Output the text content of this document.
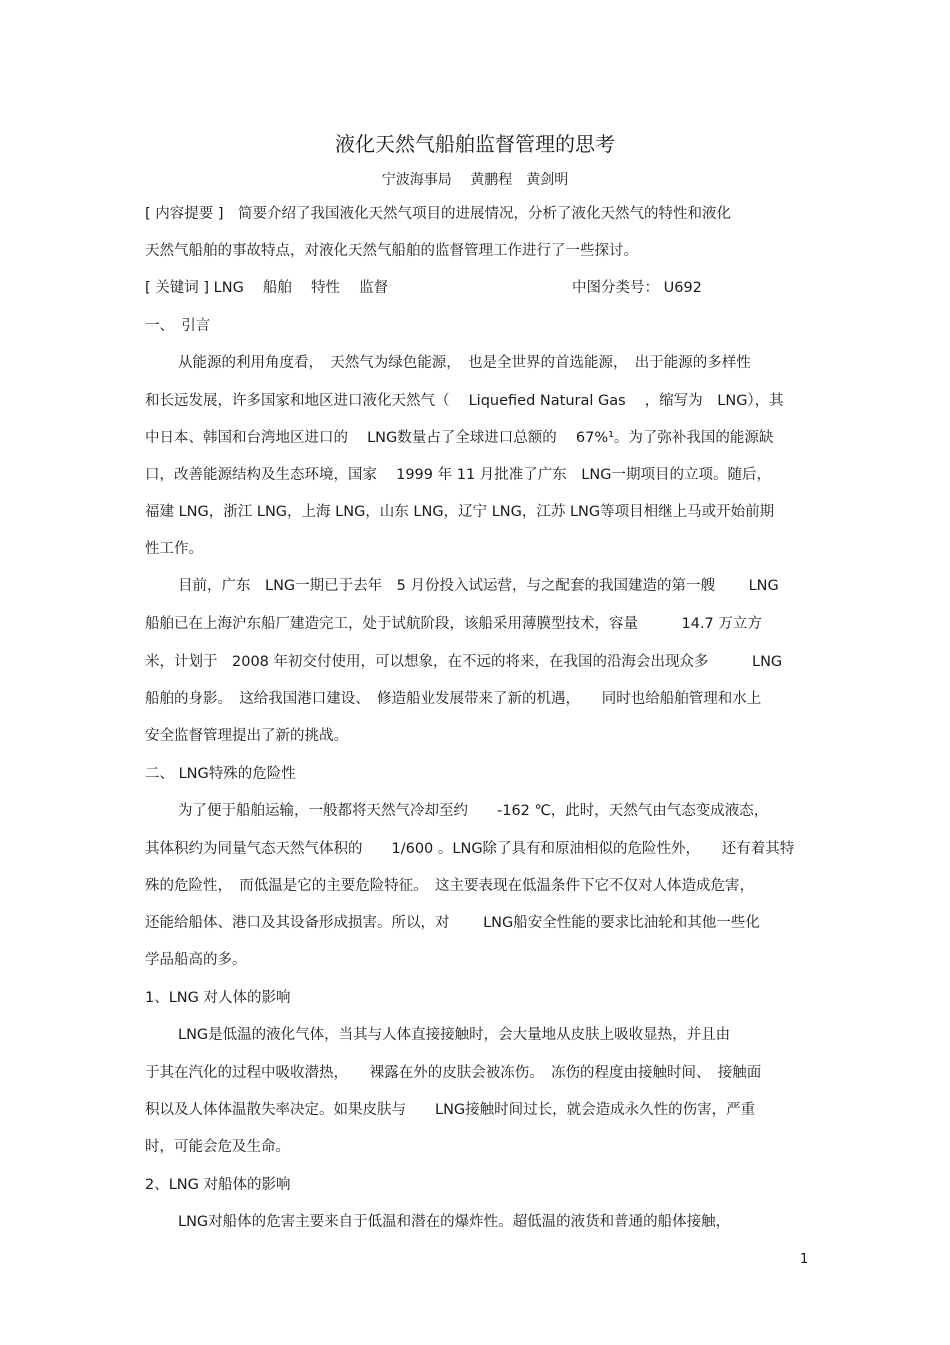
液化天然气船舶监督管理的思考
宁波海事局　 黄鹏程　黄剑明
[ 内容提要 ]　简要介绍了我国液化天然气项目的进展情况，分析了液化天然气的特性和液化
天然气船舶的事故特点，对液化天然气船舶的监督管理工作进行了一些探讨。
[ 关键词 ] LNG　 船舶　 特性　 监督	中图分类号： U692
一、　引言
从能源的利用角度看，　天然气为绿色能源，　也是全世界的首选能源，　出于能源的多样性
和长远发展，许多国家和地区进口液化天然气（　 Liquefied Natural Gas　 ，缩写为　LNG），其
中日本、韩国和台湾地区进口的　 LNG数量占了全球进口总额的　 67%¹。为了弥补我国的能源缺
口，改善能源结构及生态环境，国家　 1999 年 11 月批准了广东　LNG一期项目的立项。随后，
福建 LNG，浙江 LNG，上海 LNG，山东 LNG，辽宁 LNG，江苏 LNG等项目相继上马或开始前期
性工作。
目前，广东　LNG一期已于去年　5 月份投入试运营，与之配套的我国建造的第一艘　　 LNG
船舶已在上海沪东船厂建造完工，处于试航阶段，该船采用薄膜型技术，容量　　　14.7 万立方
米，计划于　2008 年初交付使用，可以想象，在不远的将来，在我国的沿海会出现众多　　　LNG
船舶的身影。　这给我国港口建设、　修造船业发展带来了新的机遇，　　同时也给船舶管理和水上
安全监督管理提出了新的挑战。
二、 LNG特殊的危险性
为了便于船舶运输，一般都将天然气冷却至约　　-162 ℃，此时，天然气由气态变成液态，
其体积约为同量气态天然气体积的　　1/600 。LNG除了具有和原油相似的危险性外，　　还有着其特
殊的危险性，　而低温是它的主要危险特征。　这主要表现在低温条件下它不仅对人体造成危害，
还能给船体、港口及其设备形成损害。所以，对　　 LNG船安全性能的要求比油轮和其他一些化
学品船高的多。
1、LNG 对人体的影响
LNG是低温的液化气体，当其与人体直接接触时，会大量地从皮肤上吸收显热，并且由
于其在汽化的过程中吸收潜热，　　裸露在外的皮肤会被冻伤。　冻伤的程度由接触时间、　接触面
积以及人体体温散失率决定。如果皮肤与　　LNG接触时间过长，就会造成永久性的伤害，严重
时，可能会危及生命。
2、LNG 对船体的影响
LNG对船体的危害主要来自于低温和潜在的爆炸性。超低温的液货和普通的船体接触，
1
